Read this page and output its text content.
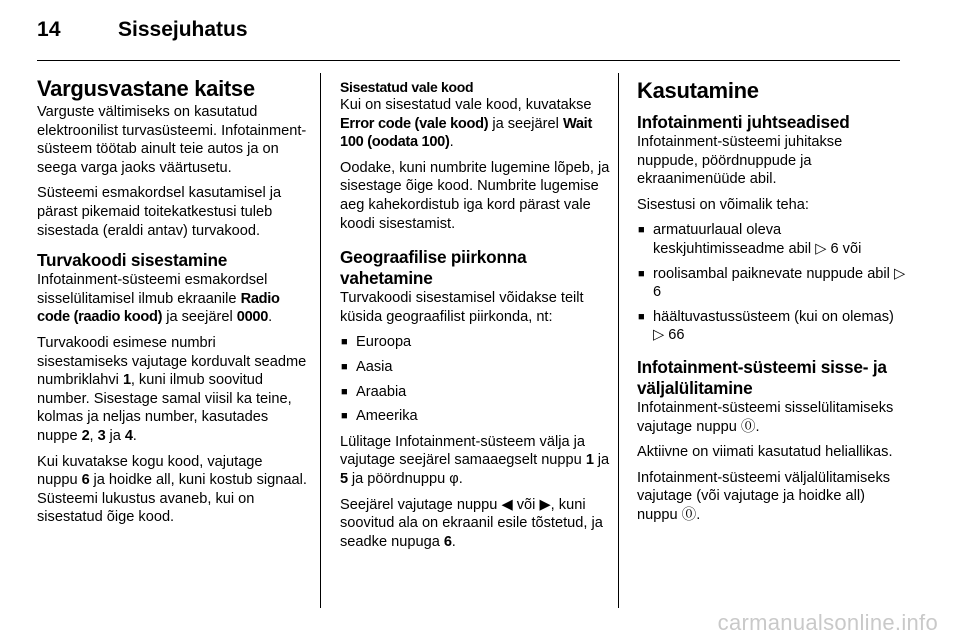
14	Sissejuhatus
Vargusvastane kaitse

Varguste vältimiseks on kasutatud elektroonilist turvasüsteemi. Infotainment-süsteem töötab ainult teie autos ja on seega varga jaoks väärtusetu.

Süsteemi esmakordsel kasutamisel ja pärast pikemaid toitekatkestusi tuleb sisestada (eraldi antav) turvakood.

Turvakoodi sisestamine

Infotainment-süsteemi esmakordsel sisselülitamisel ilmub ekraanile Radio code (raadio kood) ja seejärel 0000.

Turvakoodi esimese numbri sisestamiseks vajutage korduvalt seadme numbriklahvi 1, kuni ilmub soovitud number. Sisestage samal viisil ka teine, kolmas ja neljas number, kasutades nuppe 2, 3 ja 4.

Kui kuvatakse kogu kood, vajutage nuppu 6 ja hoidke all, kuni kostub signaal. Süsteemi lukustus avaneb, kui on sisestatud õige kood.

Sisestatud vale kood

Kui on sisestatud vale kood, kuvatakse Error code (vale kood) ja seejärel Wait 100 (oodata 100).

Oodake, kuni numbrite lugemine lõpeb, ja sisestage õige kood. Numbrite lugemise aeg kahekordistub iga kord pärast vale koodi sisestamist.

Geograafilise piirkonna vahetamine

Turvakoodi sisestamisel võidakse teilt küsida geograafilist piirkonda, nt:

■ Euroopa
■ Aasia
■ Araabia
■ Ameerika

Lülitage Infotainment-süsteem välja ja vajutage seejärel samaaegselt nuppu 1 ja 5 ja pöördnuppu φ.

Seejärel vajutage nuppu ◀ või ▶, kuni soovitud ala on ekraanil esile tõstetud, ja seadke nupuga 6.

Kasutamine
Infotainmenti juhtseadised

Infotainment-süsteemi juhitakse nuppude, pöördnuppude ja ekraanimenüüde abil.

Sisestusi on võimalik teha:

■ armatuurlaual oleva keskjuhtimisseadme abil ▷ 6 või
■ roolisambal paiknevate nuppude abil ▷ 6
■ häältuvastussüsteem (kui on olemas) ▷ 66
Infotainment-süsteemi sisse- ja väljalülitamine

Infotainment-süsteemi sisselülitamiseks vajutage nuppu ⓪.

Aktiivne on viimati kasutatud heliallikas.

Infotainment-süsteemi väljalülitamiseks vajutage (või vajutage ja hoidke all) nuppu ⓪.

carmanualsonline.info
